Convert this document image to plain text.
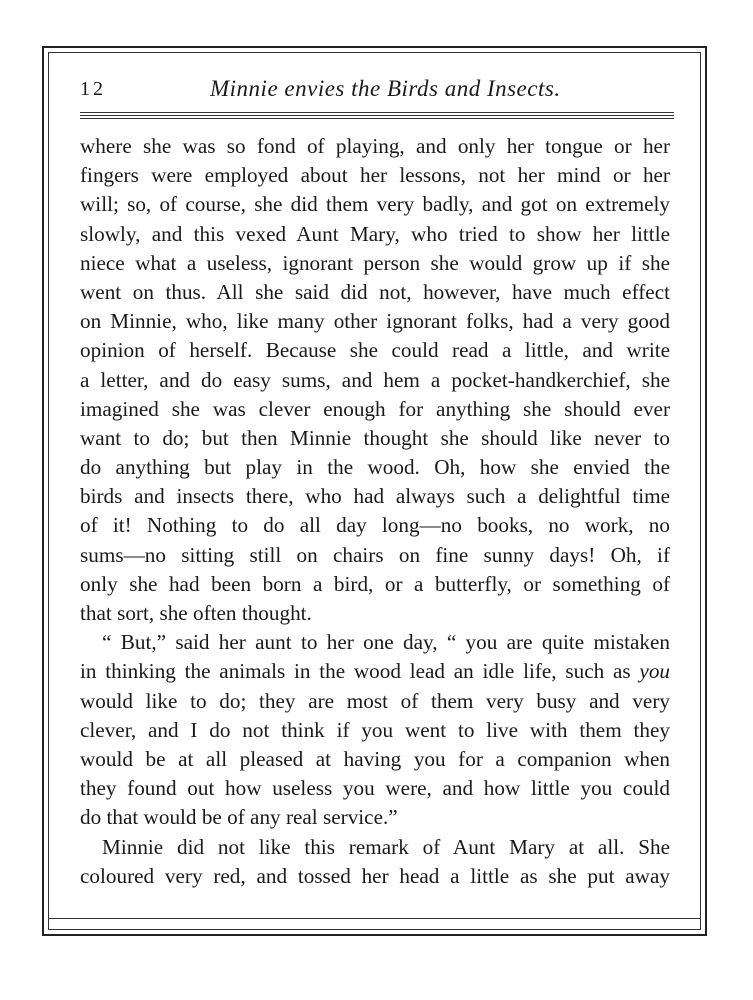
12	Minnie envies the Birds and Insects.
where she was so fond of playing, and only her tongue or her
fingers were employed about her lessons, not her mind or her
will; so, of course, she did them very badly, and got on extremely
slowly, and this vexed Aunt Mary, who tried to show her little
niece what a useless, ignorant person she would grow up if she
went on thus. All she said did not, however, have much effect
on Minnie, who, like many other ignorant folks, had a very good
opinion of herself. Because she could read a little, and write
a letter, and do easy sums, and hem a pocket-handkerchief, she
imagined she was clever enough for anything she should ever
want to do; but then Minnie thought she should like never to
do anything but play in the wood. Oh, how she envied the
birds and insects there, who had always such a delightful time
of it! Nothing to do all day long—no books, no work, no
sums—no sitting still on chairs on fine sunny days! Oh, if
only she had been born a bird, or a butterfly, or something of
that sort, she often thought.
“ But,” said her aunt to her one day, “ you are quite mistaken
in thinking the animals in the wood lead an idle life, such as you
would like to do; they are most of them very busy and very
clever, and I do not think if you went to live with them they
would be at all pleased at having you for a companion when
they found out how useless you were, and how little you could
do that would be of any real service.”
Minnie did not like this remark of Aunt Mary at all. She
coloured very red, and tossed her head a little as she put away
